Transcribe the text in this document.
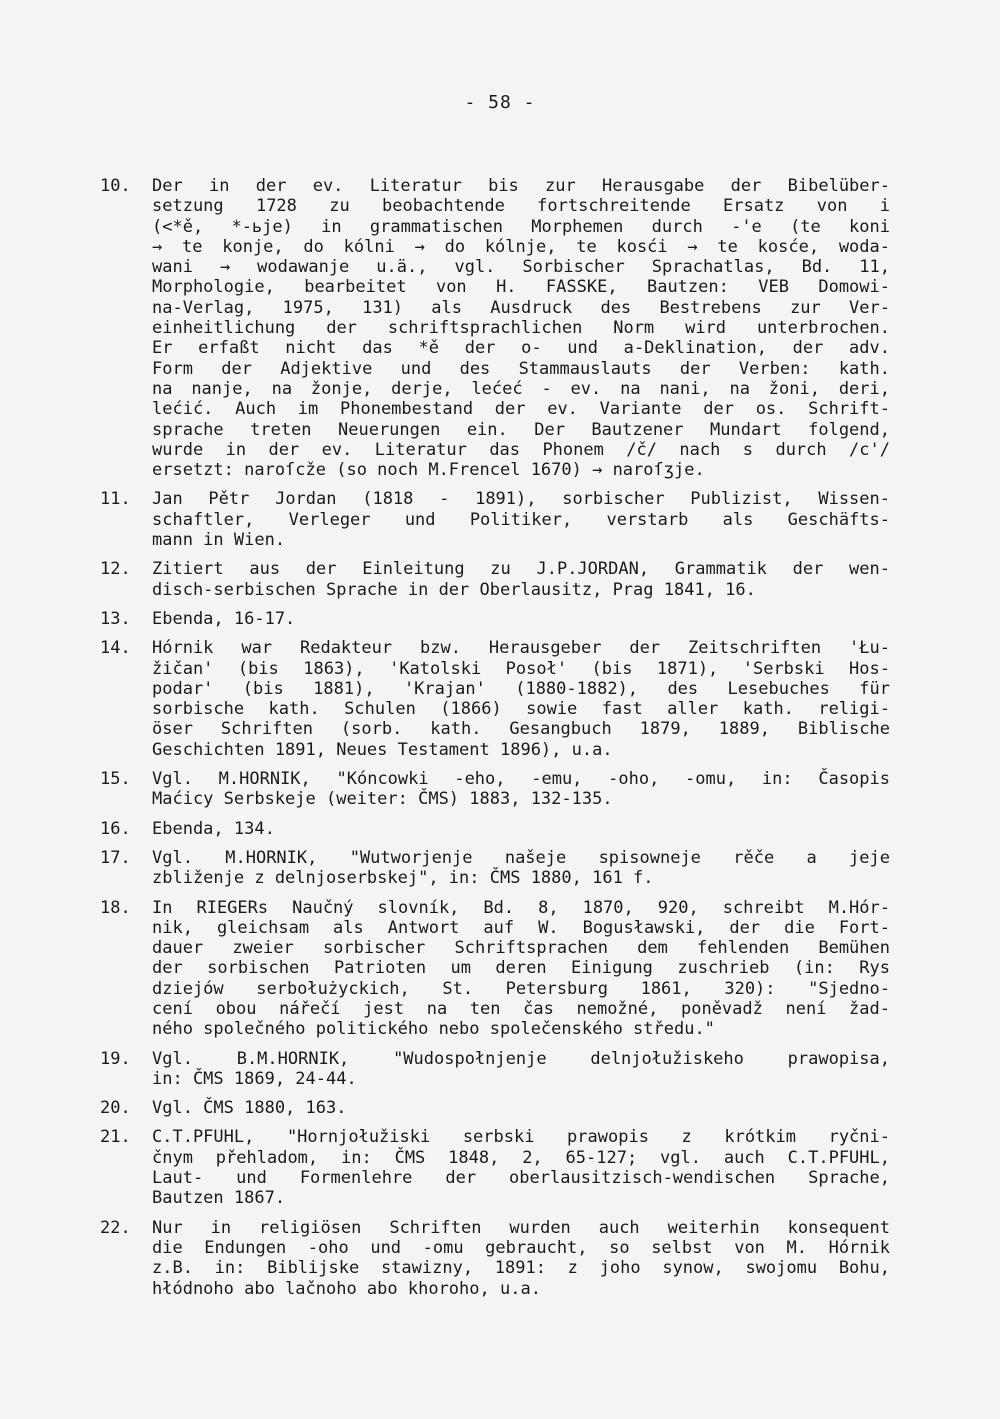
- 58 -
10.	Der in der ev. Literatur bis zur Herausgabe der Bibelüber-
setzung 1728 zu beobachtende fortschreitende Ersatz von i
(<*ě, *-ьje) in grammatischen Morphemen durch -'e (te koni
→ te konje, do kólni → do kólnje, te kosći → te kosće, woda-
wani → wodawanje u.ä., vgl. Sorbischer Sprachatlas, Bd. 11,
Morphologie, bearbeitet von H. FASSKE, Bautzen: VEB Domowi-
na-Verlag, 1975, 131) als Ausdruck des Bestrebens zur Ver-
einheitlichung der schriftsprachlichen Norm wird unterbrochen.
Er erfaßt nicht das *ě der o- und a-Deklination, der adv.
Form der Adjektive und des Stammauslauts der Verben: kath.
na nanje, na žonje, derje, lećeć - ev. na nani, na žoni, deri,
lećić. Auch im Phonembestand der ev. Variante der os. Schrift-
sprache treten Neuerungen ein. Der Bautzener Mundart folgend,
wurde in der ev. Literatur das Phonem /č/ nach s durch /c'/
ersetzt: naroſcže (so noch M.Frencel 1670) → naroſʒje.
11.	Jan Pětr Jordan (1818 - 1891), sorbischer Publizist, Wissen-
schaftler, Verleger und Politiker, verstarb als Geschäfts-
mann in Wien.
12.	Zitiert aus der Einleitung zu J.P.JORDAN, Grammatik der wen-
disch-serbischen Sprache in der Oberlausitz, Prag 1841, 16.
13.	Ebenda, 16-17.
14.	Hórnik war Redakteur bzw. Herausgeber der Zeitschriften 'Łu-
žičan' (bis 1863), 'Katolski Posoł' (bis 1871), 'Serbski Hos-
podar' (bis 1881), 'Krajan' (1880-1882), des Lesebuches für
sorbische kath. Schulen (1866) sowie fast aller kath. religi-
öser Schriften (sorb. kath. Gesangbuch 1879, 1889, Biblische
Geschichten 1891, Neues Testament 1896), u.a.
15.	Vgl. M.HORNIK, "Kóncowki -eho, -emu, -oho, -omu, in: Časopis
Maćicy Serbskeje (weiter: ČMS) 1883, 132-135.
16.	Ebenda, 134.
17.	Vgl. M.HORNIK, "Wutworjenje našeje spisowneje rěče a jeje
zbliženje z delnjoserbskej", in: ČMS 1880, 161 f.
18.	In RIEGERs Naučný slovník, Bd. 8, 1870, 920, schreibt M.Hór-
nik, gleichsam als Antwort auf W. Bogusławski, der die Fort-
dauer zweier sorbischer Schriftsprachen dem fehlenden Bemühen
der sorbischen Patrioten um deren Einigung zuschrieb (in: Rys
dziejów serbołużyckich, St. Petersburg 1861, 320): "Sjedno-
cení obou nářečí jest na ten čas nemožné, poněvadž není žad-
ného společného politického nebo společenského středu."
19.	Vgl. B.M.HORNIK, "Wudospołnjenje delnjołužiskeho prawopisa,
in: ČMS 1869, 24-44.
20.	Vgl. ČMS 1880, 163.
21.	C.T.PFUHL, "Hornjołužiski serbski prawopis z krótkim ryčni-
čnym přehladom, in: ČMS 1848, 2, 65-127; vgl. auch C.T.PFUHL,
Laut- und Formenlehre der oberlausitzisch-wendischen Sprache,
Bautzen 1867.
22.	Nur in religiösen Schriften wurden auch weiterhin konsequent
die Endungen -oho und -omu gebraucht, so selbst von M. Hórnik
z.B. in: Biblijske stawizny, 1891: z joho synow, swojomu Bohu,
hłódnoho abo lačnoho abo khoroho, u.a.
